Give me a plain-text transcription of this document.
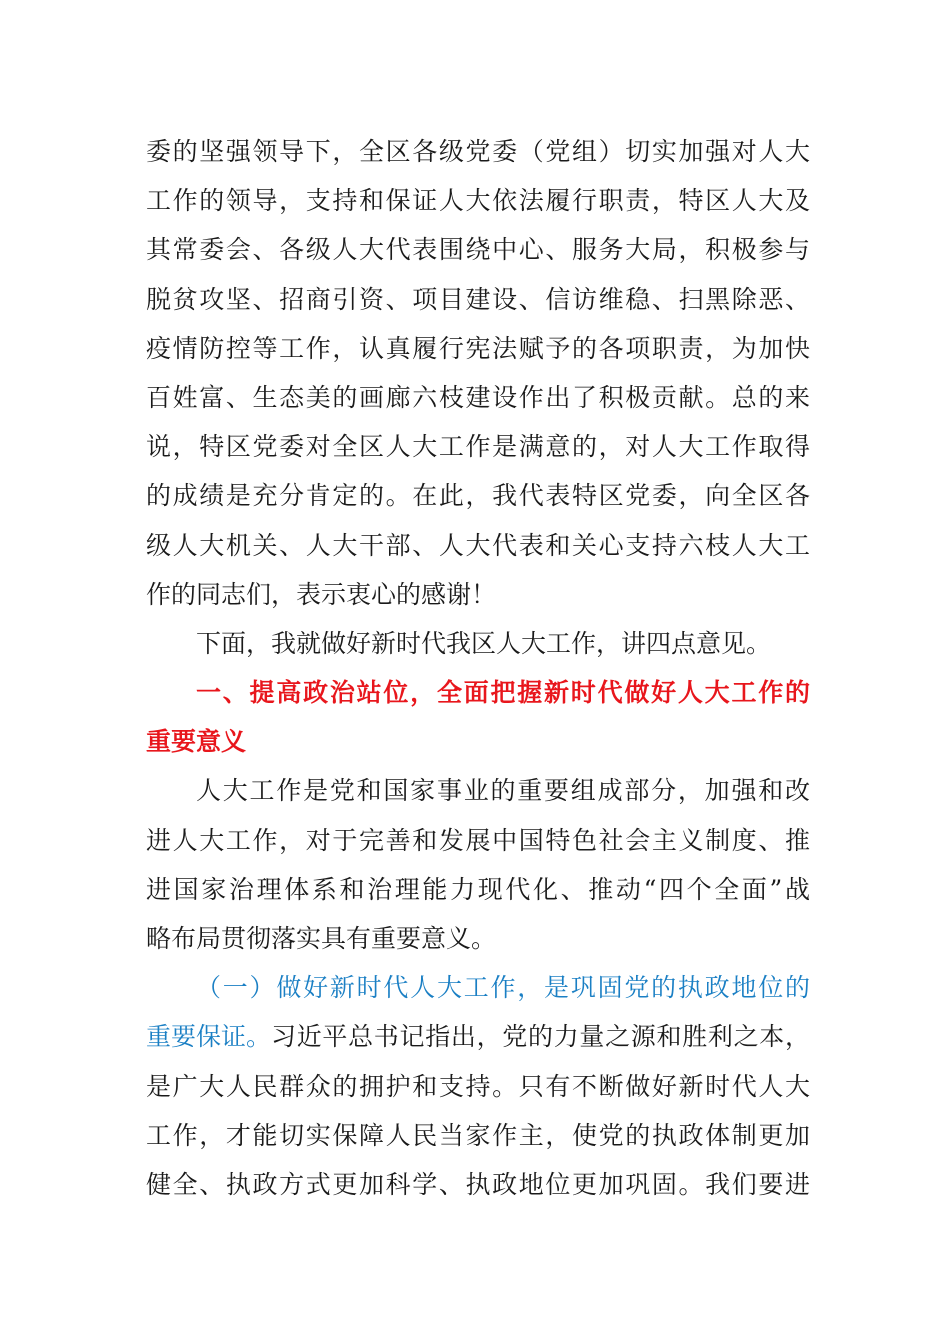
委的坚强领导下，全区各级党委（党组）切实加强对人大
工作的领导，支持和保证人大依法履行职责，特区人大及
其常委会、各级人大代表围绕中心、服务大局，积极参与
脱贫攻坚、招商引资、项目建设、信访维稳、扫黑除恶、
疫情防控等工作，认真履行宪法赋予的各项职责，为加快
百姓富、生态美的画廊六枝建设作出了积极贡献。总的来
说，特区党委对全区人大工作是满意的，对人大工作取得
的成绩是充分肯定的。在此，我代表特区党委，向全区各
级人大机关、人大干部、人大代表和关心支持六枝人大工
作的同志们，表示衷心的感谢！
下面，我就做好新时代我区人大工作，讲四点意见。
一、提高政治站位，全面把握新时代做好人大工作的
重要意义
人大工作是党和国家事业的重要组成部分，加强和改
进人大工作，对于完善和发展中国特色社会主义制度、推
进国家治理体系和治理能力现代化、推动“四个全面”战
略布局贯彻落实具有重要意义。
（一）做好新时代人大工作，是巩固党的执政地位的
重要保证。 习近平总书记指出，党的力量之源和胜利之本，
是广大人民群众的拥护和支持。只有不断做好新时代人大
工作，才能切实保障人民当家作主，使党的执政体制更加
健全、执政方式更加科学、执政地位更加巩固。我们要进
